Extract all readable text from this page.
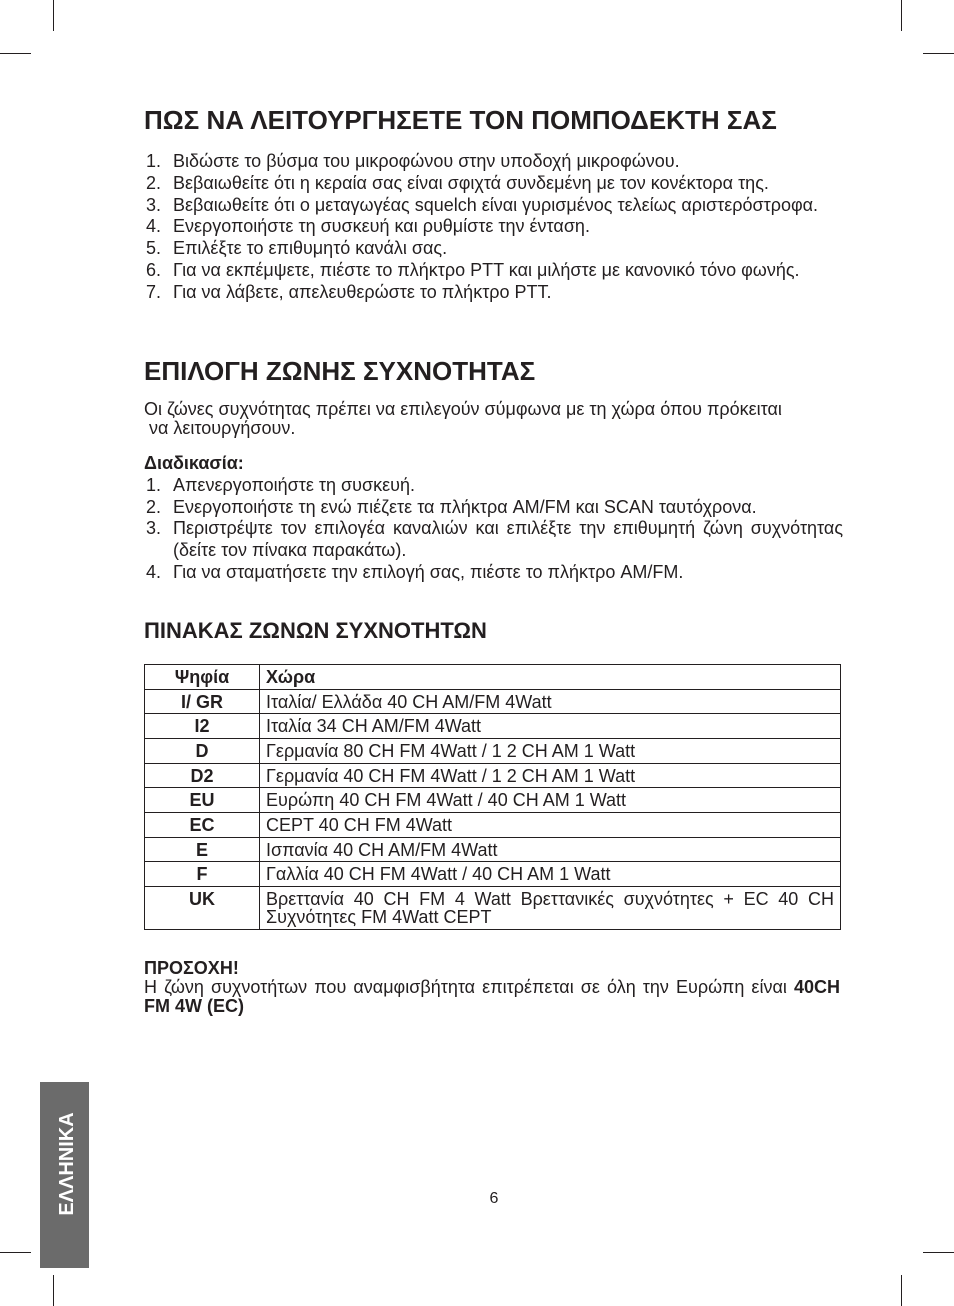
ΠΩΣ ΝΑ ΛΕΙΤΟΥΡΓΗΣΕΤΕ ΤΟΝ ΠΟΜΠΟΔΕΚΤΗ ΣΑΣ
1. Βιδώστε το βύσμα του μικροφώνου στην υποδοχή μικροφώνου.
2. Βεβαιωθείτε ότι η κεραία σας είναι σφιχτά συνδεμένη με τον κονέκτορα της.
3. Βεβαιωθείτε ότι ο μεταγωγέας squelch είναι γυρισμένος τελείως αριστερόστροφα.
4. Ενεργοποιήστε τη συσκευή και ρυθμίστε την ένταση.
5. Επιλέξτε το επιθυμητό κανάλι σας.
6. Για να εκπέμψετε, πιέστε το πλήκτρο PTT και μιλήστε με κανονικό τόνο φωνής.
7. Για να λάβετε, απελευθερώστε το πλήκτρο PTT.
ΕΠΙΛΟΓΗ ΖΩΝΗΣ ΣΥΧΝΟΤΗΤΑΣ
Οι ζώνες συχνότητας πρέπει να επιλεγούν σύμφωνα με τη χώρα όπου πρόκειται
να λειτουργήσουν.
Διαδικασία:
1. Απενεργοποιήστε τη συσκευή.
2. Ενεργοποιήστε τη ενώ πιέζετε τα πλήκτρα AM/FM και SCAN ταυτόχρονα.
3. Περιστρέψτε τον επιλογέα καναλιών και επιλέξτε την επιθυμητή ζώνη συχνότητας (δείτε τον πίνακα παρακάτω).
4. Για να σταματήσετε την επιλογή σας, πιέστε το πλήκτρο AM/FM.
ΠΙΝΑΚΑΣ ΖΩΝΩΝ ΣΥΧΝΟΤΗΤΩΝ
Ψηφία	Χώρα
I/ GR	Ιταλία/ Ελλάδα 40 CH AM/FM 4Watt
I2	Ιταλία 34 CH AM/FM 4Watt
D	Γερμανία 80 CH FM 4Watt / 1 2 CH AM 1 Watt
D2	Γερμανία 40 CH FM 4Watt / 1 2 CH AM 1 Watt
EU	Ευρώπη 40 CH FM 4Watt / 40 CH AM 1 Watt
EC	CEPT 40 CH FM 4Watt
E	Ισπανία 40 CH AM/FM 4Watt
F	Γαλλία 40 CH FM 4Watt / 40 CH AM 1 Watt
UK	Βρεττανία 40 CH FM 4 Watt Βρεττανικές συχνότητες + EC 40 CH Συχνότητες FM 4Watt CEPT
ΠΡΟΣΟΧΗ!
Η ζώνη συχνοτήτων που αναμφισβήτητα επιτρέπεται σε όλη την Ευρώπη είναι 40CH FM 4W (EC)
6
ΕΛΛΗΝΙΚΑ
